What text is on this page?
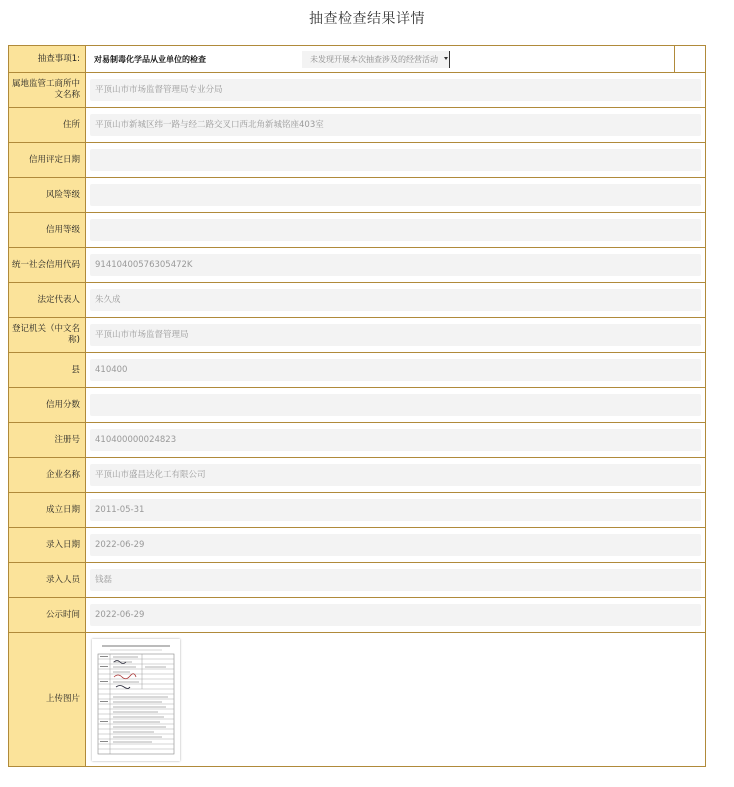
抽查检查结果详情
抽查事项1:	对易制毒化学品从业单位的检查 未发现开展本次抽查涉及的经营活动	

属地监管工商所中文名称	平顶山市市场监督管理局专业分局	

住所	平顶山市新城区纬一路与经二路交叉口西北角新城铭座403室	

信用评定日期		

风险等级		

信用等级		

统一社会信用代码	91410400576305472K	

法定代表人	朱久成	

登记机关（中文名称)	平顶山市市场监督管理局	

县	410400	

信用分数		

注册号	410400000024823	

企业名称	平顶山市盛昌达化工有限公司	

成立日期	2011-05-31	

录入日期	2022-06-29	

录入人员	钱磊	

公示时间	2022-06-29	

上传图片	
